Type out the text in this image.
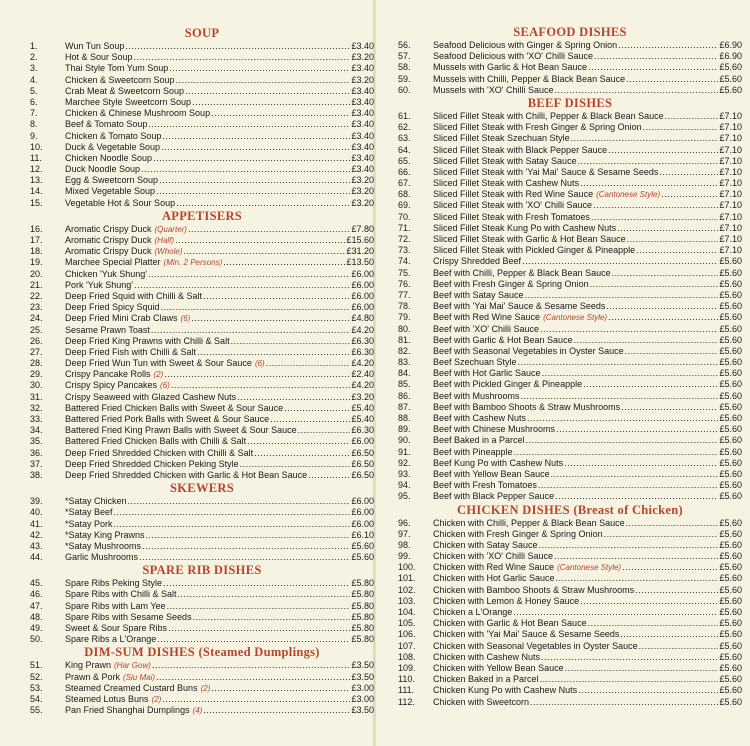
SOUP
1.	Wun Tun Soup .....	£3.40
2.	Hot & Sour Soup .....	£3.20
3.	Thai Style Tom Yum Soup .....	£3.40
4.	Chicken & Sweetcorn Soup .....	£3.20
5.	Crab Meat & Sweetcorn Soup .....	£3.40
6.	Marchee Style Sweetcorn Soup .....	£3.40
7.	Chicken & Chinese Mushroom Soup .....	£3.40
8.	Beef & Tomato Soup .....	£3.40
9.	Chicken & Tomato Soup .....	£3.40
10.	Duck & Vegetable Soup .....	£3.40
11.	Chicken Noodle Soup .....	£3.40
12.	Duck Noodle Soup .....	£3.40
13.	Egg & Sweetcorn Soup .....	£3.20
14.	Mixed Vegetable Soup .....	£3.20
15.	Vegetable Hot & Sour Soup .....	£3.20
APPETISERS
16.	Aromatic Crispy Duck (Quarter) .....	£7.80
17.	Aromatic Crispy Duck (Half) .....	£15.60
18.	Aromatic Crispy Duck (Whole) .....	£31.20
19.	Marchee Special Platter (Min. 2 Persons) .....	£13.50
20.	Chicken 'Yuk Shung' .....	£6.00
21.	Pork 'Yuk Shung' .....	£6.00
22.	Deep Fried Squid with Chilli & Salt .....	£6.00
23.	Deep Fried Spicy Squid .....	£6.00
24.	Deep Fried Mini Crab Claws (6) .....	£4.80
25.	Sesame Prawn Toast .....	£4.20
26.	Deep Fried King Prawns with Chilli & Salt .....	£6.30
27.	Deep Fried Fish with Chilli & Salt .....	£6.30
28.	Deep Fried Wun Tun with Sweet & Sour Sauce (6) .....	£4.20
29.	Crispy Pancake Rolls (2) .....	£2.40
30.	Crispy Spicy Pancakes (6) .....	£4.20
31.	Crispy Seaweed with Glazed Cashew Nuts .....	£3.20
32.	Battered Fried Chicken Balls with Sweet & Sour Sauce .....	£5.40
33.	Battered Fried Pork Balls with Sweet & Sour Sauce .....	£5.40
34.	Battered Fried King Prawn Balls with Sweet & Sour Sauce .....	£6.30
35.	Battered Fried Chicken Balls with Chilli & Salt .....	£6.00
36.	Deep Fried Shredded Chicken with Chilli & Salt .....	£6.50
37.	Deep Fried Shredded Chicken Peking Style .....	£6.50
38.	Deep Fried Shredded Chicken with Garlic & Hot Bean Sauce .....	£6.50
SKEWERS
39.	*Satay Chicken .....	£6.00
40.	*Satay Beef .....	£6.00
41.	*Satay Pork .....	£6.00
42.	*Satay King Prawns .....	£6.10
43.	*Satay Mushrooms .....	£5.60
44.	Garlic Mushrooms .....	£5.60
SPARE RIB DISHES
45.	Spare Ribs Peking Style .....	£5.80
46.	Spare Ribs with Chilli & Salt .....	£5.80
47.	Spare Ribs with Lam Yee .....	£5.80
48.	Spare Ribs with Sesame Seeds .....	£5.80
49.	Sweet & Sour Spare Ribs .....	£5.80
50.	Spare Ribs a L'Orange .....	£5.80
DIM-SUM DISHES (Steamed Dumplings)
51.	King Prawn (Har Gow) .....	£3.50
52.	Prawn & Pork (Siu Mai) .....	£3.50
53.	Steamed Creamed Custard Buns (2) .....	£3.00
54.	Steamed Lotus Buns (2) .....	£3.00
55.	Pan Fried Shanghai Dumplings (4) .....	£3.50
SEAFOOD DISHES
56.	Seafood Delicious with Ginger & Spring Onion .....	£6.90
57.	Seafood Delicious with 'XO' Chilli Sauce .....	£6.90
58.	Mussels with Garlic & Hot Bean Sauce .....	£5.60
59.	Mussels with Chilli, Pepper & Black Bean Sauce .....	£5.60
60.	Mussels with 'XO' Chilli Sauce .....	£5.60
BEEF DISHES
61.	Sliced Fillet Steak with Chilli, Pepper & Black Bean Sauce .....	£7.10
62.	Sliced Fillet Steak with Fresh Ginger & Spring Onion .....	£7.10
63.	Sliced Fillet Steak Szechuan Style .....	£7.10
64.	Sliced Fillet Steak with Black Pepper Sauce .....	£7.10
65.	Sliced Fillet Steak with Satay Sauce .....	£7.10
66.	Sliced Fillet Steak with 'Yai Mai' Sauce & Sesame Seeds .....	£7.10
67.	Sliced Fillet Steak with Cashew Nuts .....	£7.10
68.	Sliced Fillet Steak with Red Wine Sauce (Cantonese Style) .....	£7.10
69.	Sliced Fillet Steak with 'XO' Chilli Sauce .....	£7.10
70.	Sliced Fillet Steak with Fresh Tomatoes .....	£7.10
71.	Sliced Fillet Steak Kung Po with Cashew Nuts .....	£7.10
72.	Sliced Fillet Steak with Garlic & Hot Bean Sauce .....	£7.10
73.	Sliced Fillet Steak with Pickled Ginger & Pineapple .....	£7.10
74.	Crispy Shredded Beef .....	£5.60
75.	Beef with Chilli, Pepper & Black Bean Sauce .....	£5.60
76.	Beef with Fresh Ginger & Spring Onion .....	£5.60
77.	Beef with Satay Sauce .....	£5.60
78.	Beef with 'Yai Mai' Sauce & Sesame Seeds .....	£5.60
79.	Beef with Red Wine Sauce (Cantonese Style) .....	£5.60
80.	Beef with 'XO' Chilli Sauce .....	£5.60
81.	Beef with Garlic & Hot Bean Sauce .....	£5.60
82.	Beef with Seasonal Vegetables in Oyster Sauce .....	£5.60
83.	Beef Szechuan Style .....	£5.60
84.	Beef with Hot Garlic Sauce .....	£5.60
85.	Beef with Pickled Ginger & Pineapple .....	£5.60
86.	Beef with Mushrooms .....	£5.60
87.	Beef with Bamboo Shoots & Straw Mushrooms .....	£5.60
88.	Beef with Cashew Nuts .....	£5.60
89.	Beef with Chinese Mushrooms .....	£5.60
90.	Beef Baked in a Parcel .....	£5.60
91.	Beef with Pineapple .....	£5.60
92.	Beef Kung Po with Cashew Nuts .....	£5.60
93.	Beef with Yellow Bean Sauce .....	£5.60
94.	Beef with Fresh Tomatoes .....	£5.60
95.	Beef with Black Pepper Sauce .....	£5.60
CHICKEN DISHES (Breast of Chicken)
96.	Chicken with Chilli, Pepper & Black Bean Sauce .....	£5.60
97.	Chicken with Fresh Ginger & Spring Onion .....	£5.60
98.	Chicken with Satay Sauce .....	£5.60
99.	Chicken with 'XO' Chilli Sauce .....	£5.60
100.	Chicken with Red Wine Sauce (Cantonese Style) .....	£5.60
101.	Chicken with Hot Garlic Sauce .....	£5.60
102.	Chicken with Bamboo Shoots & Straw Mushrooms .....	£5.60
103.	Chicken with Lemon & Honey Sauce .....	£5.60
104.	Chicken a L'Orange .....	£5.60
105.	Chicken with Garlic & Hot Bean Sauce .....	£5.60
106.	Chicken with 'Yai Mai' Sauce & Sesame Seeds .....	£5.60
107.	Chicken with Seasonal Vegetables in Oyster Sauce .....	£5.60
108.	Chicken with Cashew Nuts .....	£5.60
109.	Chicken with Yellow Bean Sauce .....	£5.60
110.	Chicken Baked in a Parcel .....	£5.60
111.	Chicken Kung Po with Cashew Nuts .....	£5.60
112.	Chicken with Sweetcorn .....	£5.60
